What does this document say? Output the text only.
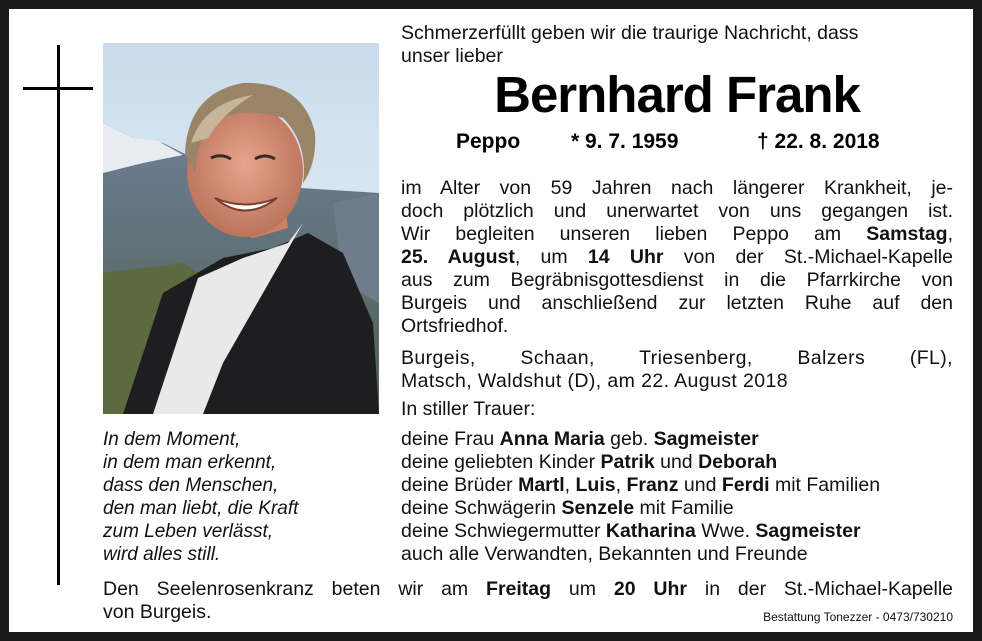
In dem Moment,
in dem man erkennt,
dass den Menschen,
den man liebt, die Kraft
zum Leben verlässt,
wird alles still.
Schmerzerfüllt geben wir die traurige Nachricht, dass
unser lieber
Bernhard Frank
Peppo * 9. 7. 1959	† 22. 8. 2018
im Alter von 59 Jahren nach längerer Krankheit, je-
doch plötzlich und unerwartet von uns gegangen ist.
Wir begleiten unseren lieben Peppo am Samstag,
25. August, um 14 Uhr von der St.-Michael-Kapelle
aus zum Begräbnisgottesdienst in die Pfarrkirche von
Burgeis und anschließend zur letzten Ruhe auf den
Ortsfriedhof.
Burgeis, Schaan, Triesenberg, Balzers (FL),
Matsch, Waldshut (D), am 22. August 2018
In stiller Trauer:
deine Frau Anna Maria geb. Sagmeister
deine geliebten Kinder Patrik und Deborah
deine Brüder Martl, Luis, Franz und Ferdi mit Familien
deine Schwägerin Senzele mit Familie
deine Schwiegermutter Katharina Wwe. Sagmeister
auch alle Verwandten, Bekannten und Freunde
Den Seelenrosenkranz beten wir am Freitag um 20 Uhr in der St.-Michael-Kapelle
von Burgeis.	Bestattung Tonezzer - 0473/730210
